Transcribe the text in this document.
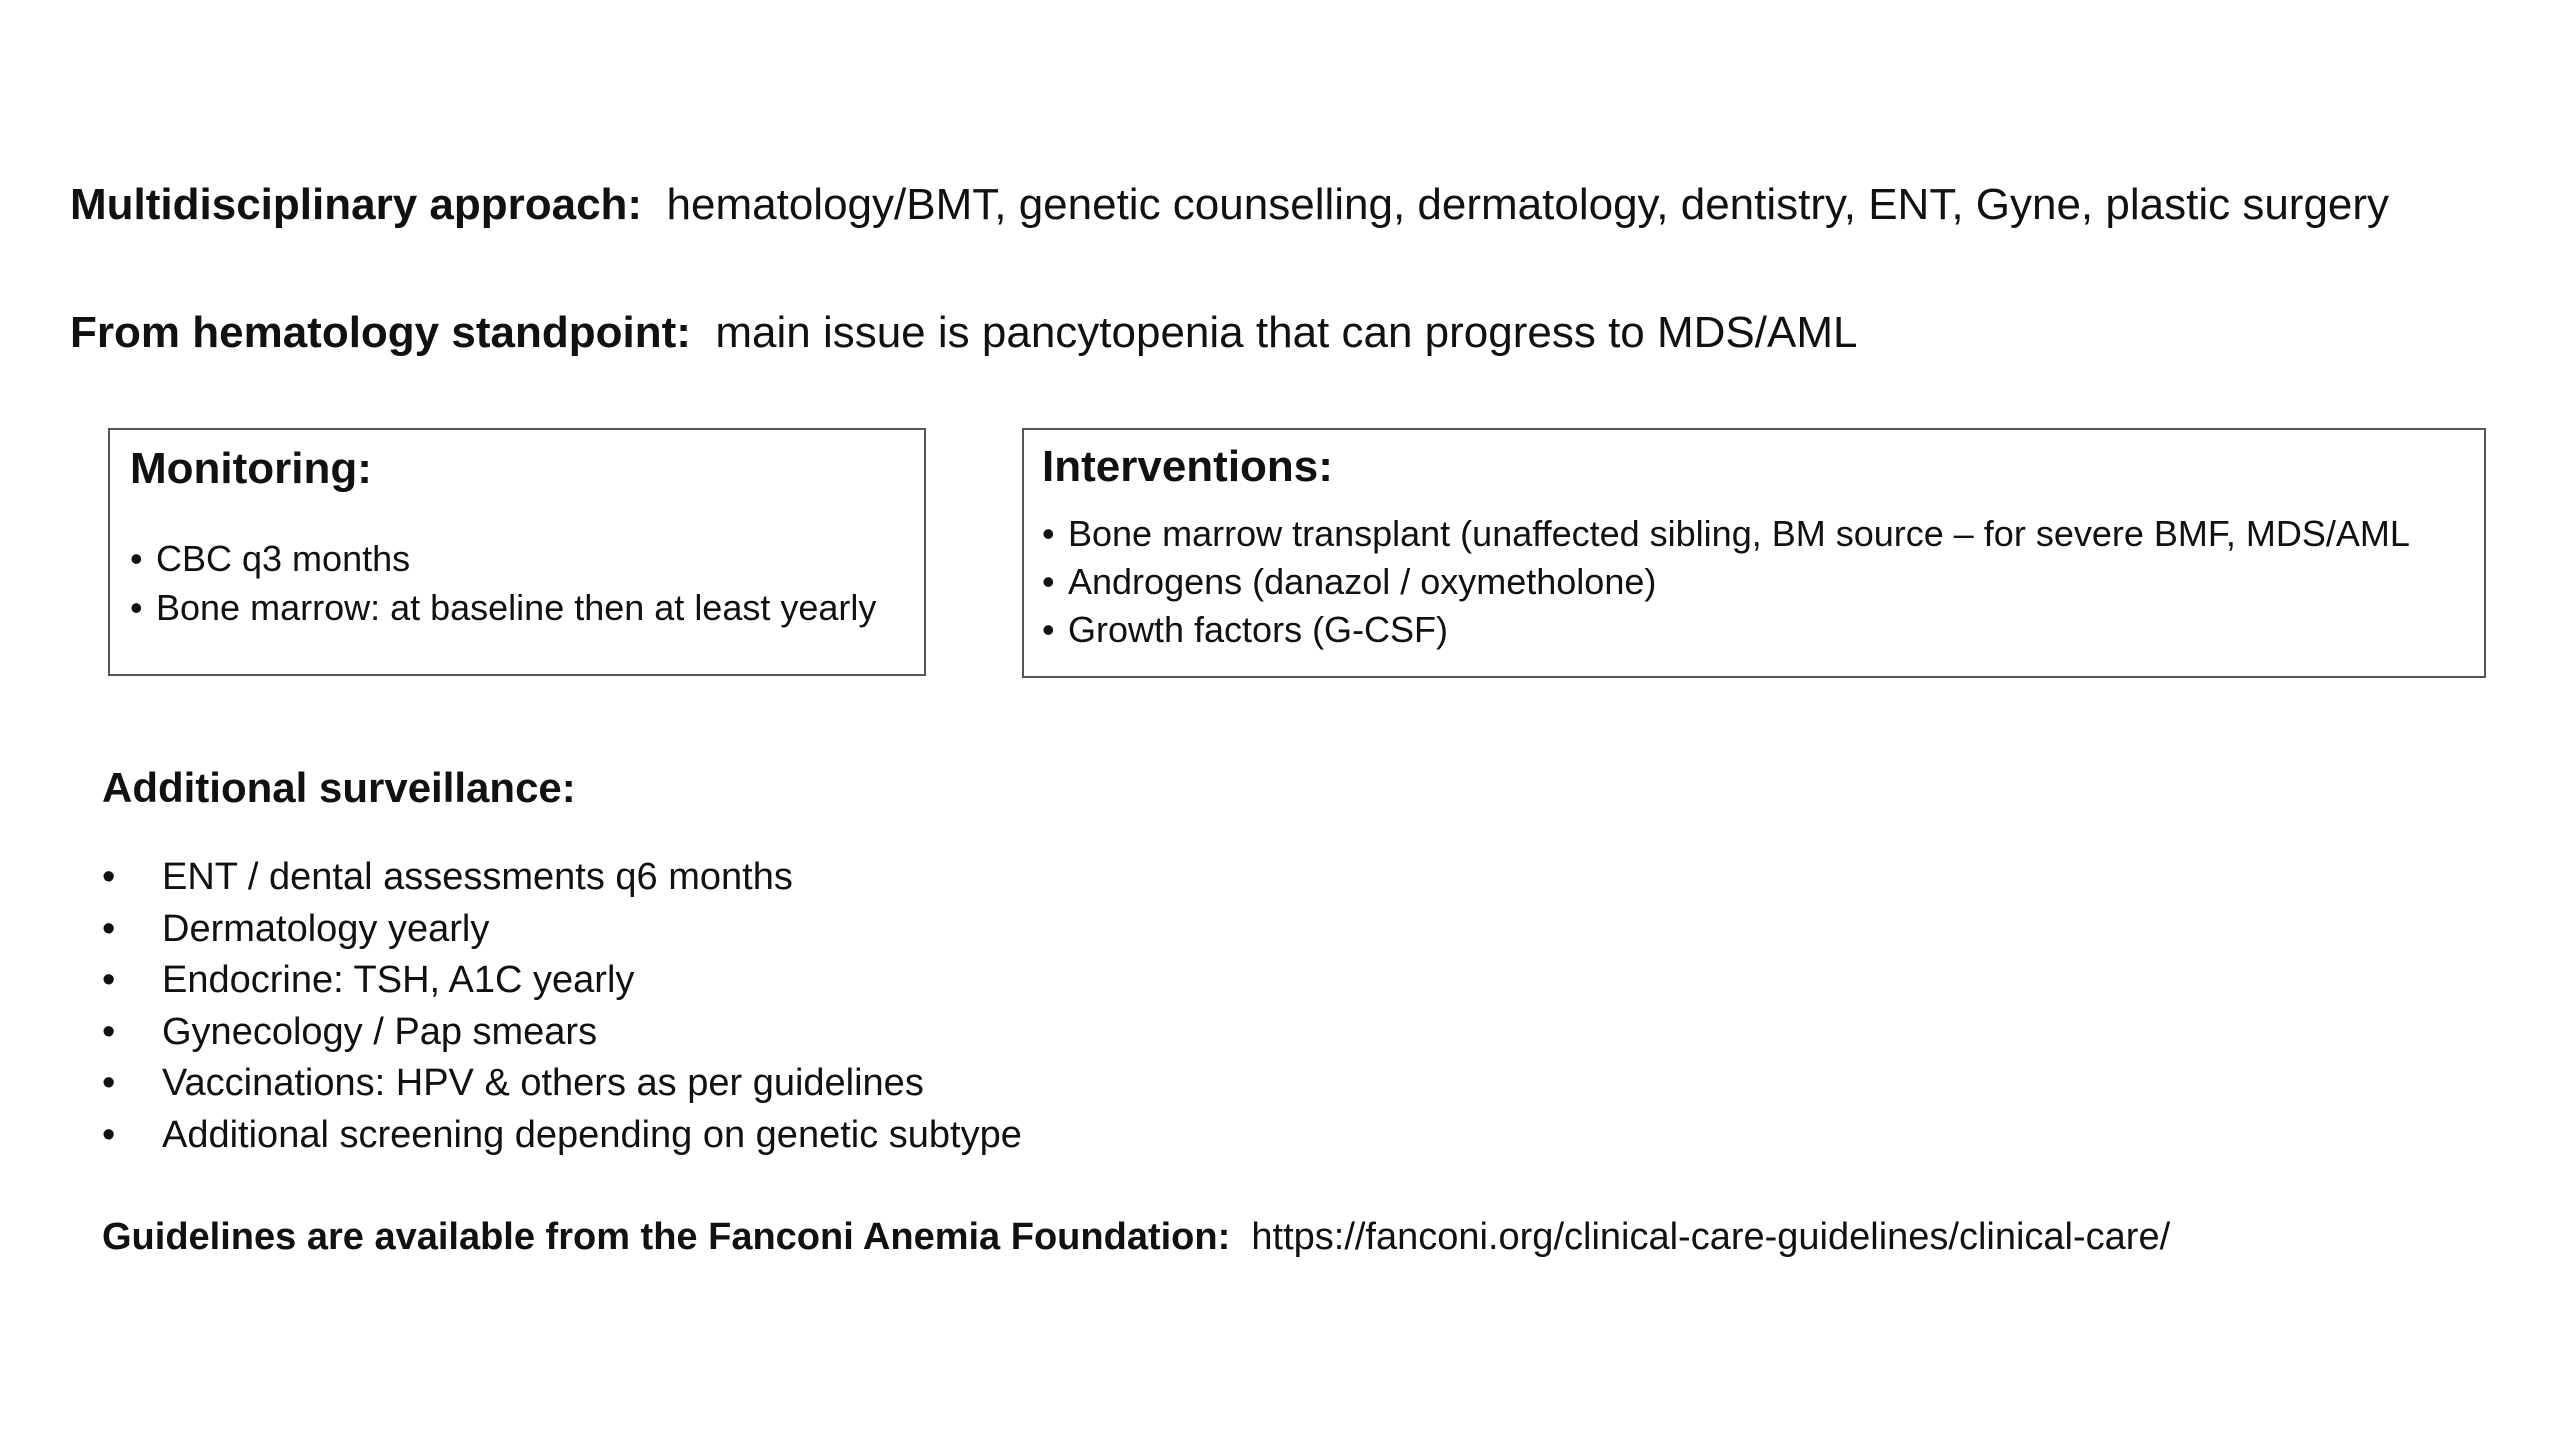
Multidisciplinary approach: hematology/BMT, genetic counselling, dermatology, dentistry, ENT, Gyne, plastic surgery
From hematology standpoint: main issue is pancytopenia that can progress to MDS/AML
Monitoring:
• CBC q3 months
• Bone marrow: at baseline then at least yearly
Interventions:
• Bone marrow transplant (unaffected sibling, BM source – for severe BMF, MDS/AML
• Androgens (danazol / oxymetholone)
• Growth factors (G-CSF)
Additional surveillance:
•	ENT / dental assessments q6 months
•	Dermatology yearly
•	Endocrine: TSH, A1C yearly
•	Gynecology / Pap smears
•	Vaccinations: HPV & others as per guidelines
•	Additional screening depending on genetic subtype
Guidelines are available from the Fanconi Anemia Foundation: https://fanconi.org/clinical-care-guidelines/clinical-care/
